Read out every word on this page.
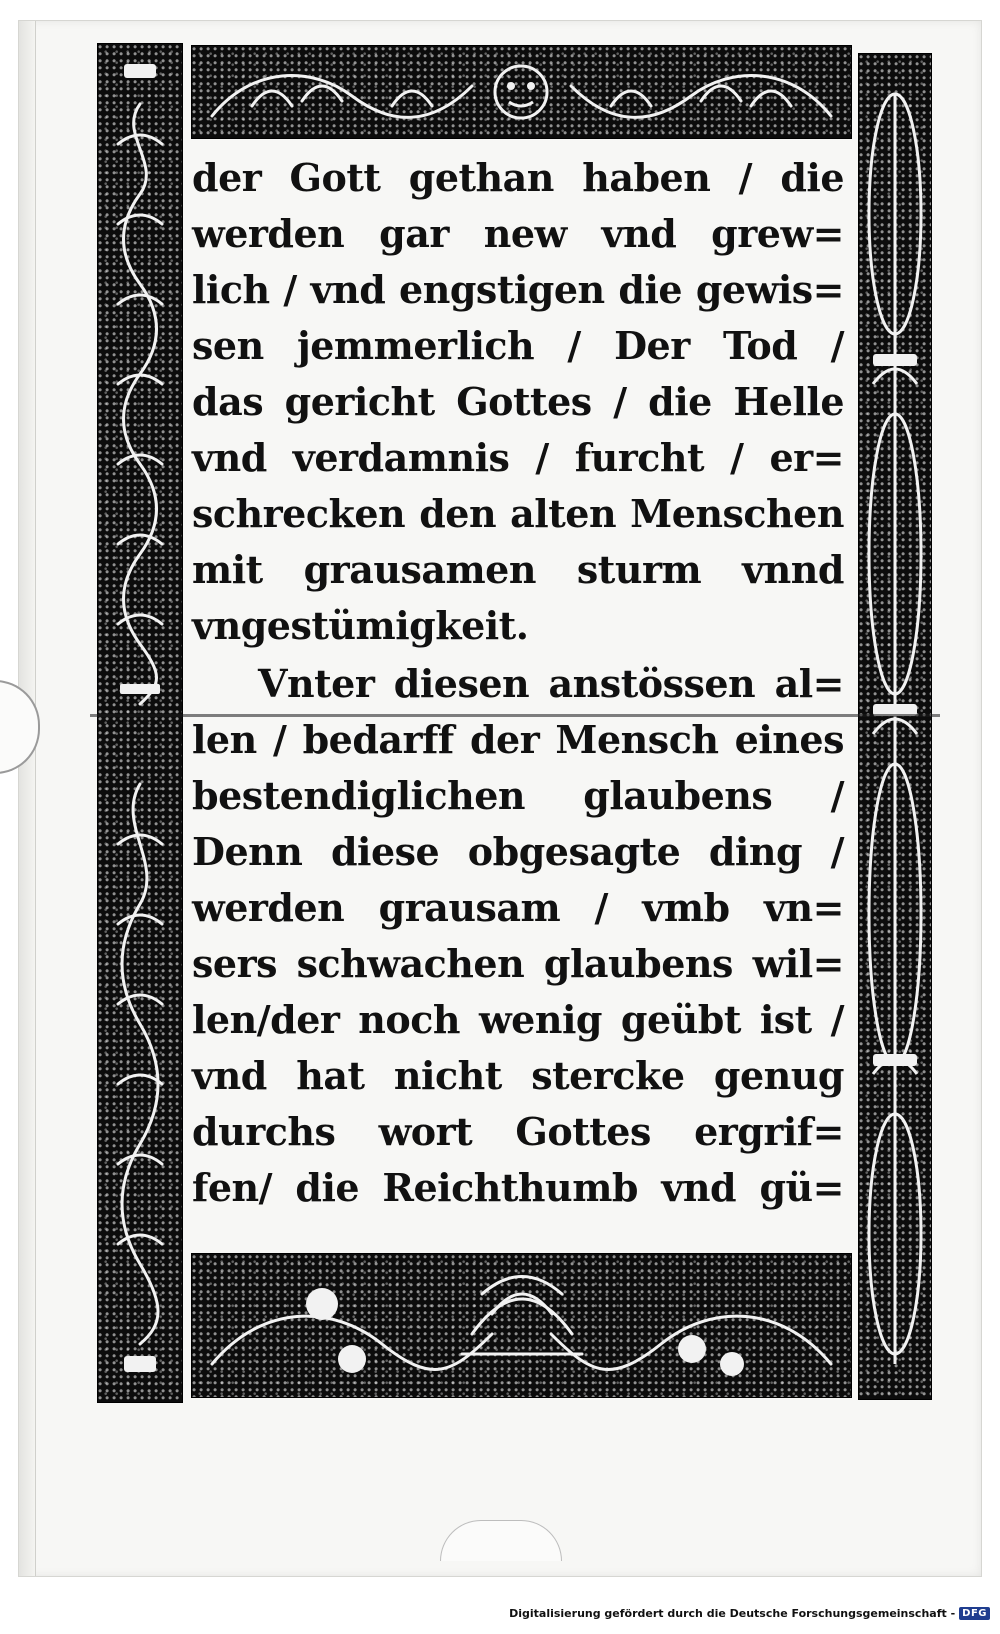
der Gott gethan haben / die
werden gar new vnd grew=
lich / vnd engstigen die gewis=
sen jemmerlich / Der Tod /
das gericht Gottes / die Helle
vnd verdamnis / furcht / er=
schrecken den alten Menschen
mit grausamen sturm vnnd
vngestümigkeit.
Vnter diesen anstössen al=
len / bedarff der Mensch eines
bestendiglichen glaubens /
Denn diese obgesagte ding /
werden grausam / vmb vn=
sers schwachen glaubens wil=
len/der noch wenig geübt ist /
vnd hat nicht stercke genug
durchs wort Gottes ergrif=
fen/ die Reichthumb vnd gü=
Digitalisierung gefördert durch die Deutsche Forschungsgemeinschaft - DFG
